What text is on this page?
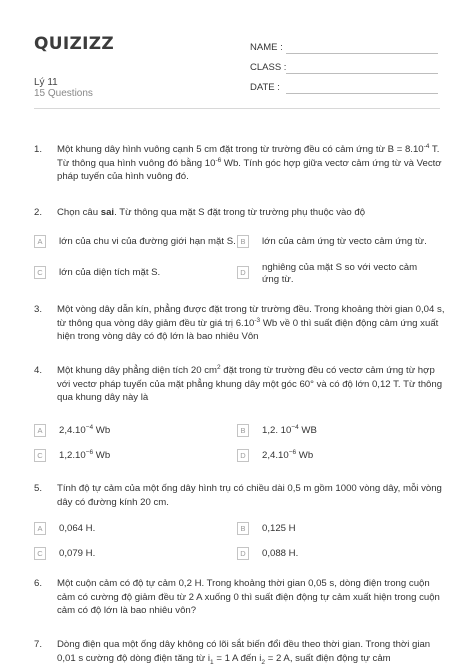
QUIZIZZ
Lý 11
15 Questions
NAME :
CLASS :
DATE :
1. Một khung dây hình vuông cạnh 5 cm đặt trong từ trường đều có cảm ứng từ $B = 8.10^{-4}$ T. Từ thông qua hình vuông đó bằng $10^{-6}$ Wb. Tính góc hợp giữa vectơ cảm ứng từ và Vectơ pháp tuyến của hình vuông đó.
2. Chọn câu sai. Từ thông qua mặt S đặt trong từ trường phụ thuộc vào độ
A	lớn của chu vi của đường giới hạn mặt S. B	lớn của cảm ứng từ vecto cảm ứng từ.
C	lớn của diện tích mặt S.	D	nghiêng của mặt S so với vecto cảm ứng từ.
3. Một vòng dây dẫn kín, phẳng được đặt trong từ trường đều. Trong khoảng thời gian 0,04 s, từ thông qua vòng dây giảm đều từ giá trị $6.10^{-3}$ Wb về 0 thì suất điện động cảm ứng xuất hiện trong vòng dây có độ lớn là bao nhiêu Vôn
4. Một khung dây phẳng diện tích 20 $cm^2$ đặt trong từ trường đều có vectơ cảm ứng từ hợp với vectơ pháp tuyến của mặt phẳng khung dây một góc 60° và có độ lớn 0,12 T. Từ thông qua khung dây này là
A	$2,4.10^{-4}$ Wb	B	1,2. $10^{-4}$ WB
C	$1,2.10^{-6}$ Wb	D	$2,4.10^{-6}$ Wb
5. Tính độ tự cảm của một ống dây hình trụ có chiều dài 0,5 m gồm 1000 vòng dây, mỗi vòng dây có đường kính 20 cm.
A	0,064 H.	B	0,125 H
C	0,079 H.	D	0,088 H.
6. Một cuộn cảm có độ tự cảm 0,2 H. Trong khoảng thời gian 0,05 s, dòng điện trong cuộn cảm có cường độ giảm đều từ 2 A xuống 0 thì suất điện động tự cảm xuất hiện trong cuộn cảm có độ lớn là bao nhiêu vôn?
7. Dòng điện qua một ống dây không có lõi sắt biến đổi đều theo thời gian. Trong thời gian 0,01 s cường độ dòng điện tăng từ $i_1 = 1$ A đến $i_2 = 2$ A, suất điện động tự cảm
